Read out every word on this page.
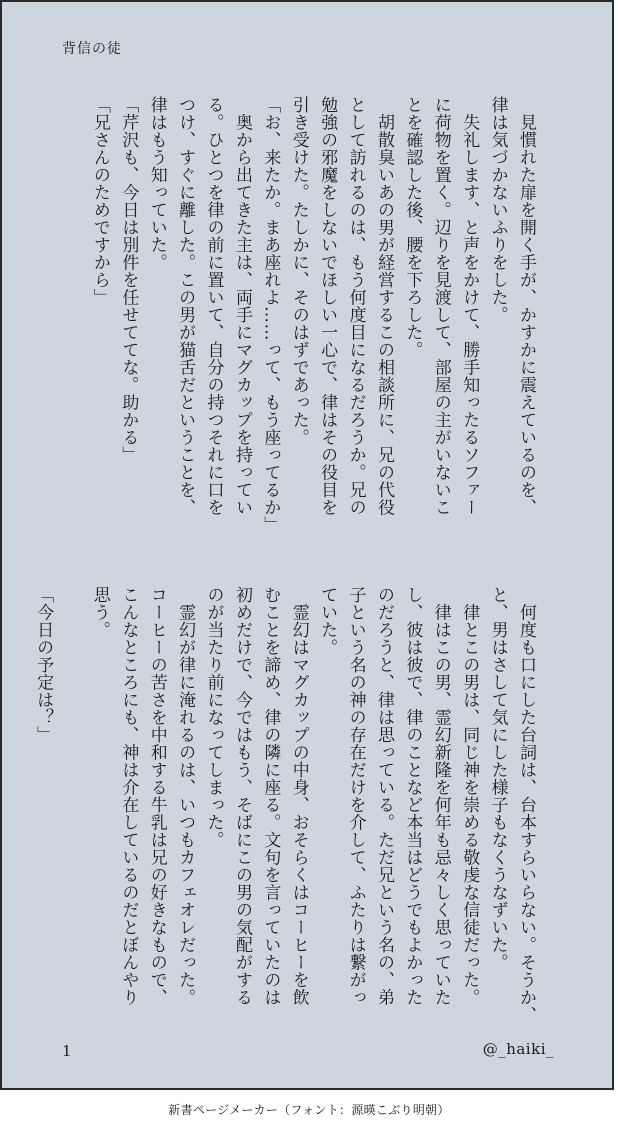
背信の徒
　見慣れた扉を開く手が、かすかに震えているのを、
律は気づかないふりをした。
　失礼します、と声をかけて、勝手知ったるソファー
に荷物を置く。辺りを見渡して、部屋の主がいないこ
とを確認した後、腰を下ろした。
　胡散臭いあの男が経営するこの相談所に、兄の代役
として訪れるのは、もう何度目になるだろうか。兄の
勉強の邪魔をしないでほしい一心で、律はその役目を
引き受けた。たしかに、そのはずであった。
「お、来たか。まあ座れよ……って、もう座ってるか」
　奥から出てきた主は、両手にマグカップを持ってい
る。ひとつを律の前に置いて、自分の持つそれに口を
つけ、すぐに離した。この男が猫舌だということを、
律はもう知っていた。
「芹沢も、今日は別件を任せててな。助かる」
「兄さんのためですから」
　何度も口にした台詞は、台本すらいらない。そうか、
と、男はさして気にした様子もなくうなずいた。
　律とこの男は、同じ神を崇める敬虔な信徒だった。
　律はこの男、霊幻新隆を何年も忌々しく思っていた
し、彼は彼で、律のことなど本当はどうでもよかった
のだろうと、律は思っている。ただ兄という名の、弟
子という名の神の存在だけを介して、ふたりは繋がっ
ていた。
　霊幻はマグカップの中身、おそらくはコーヒーを飲
むことを諦め、律の隣に座る。文句を言っていたのは
初めだけで、今ではもう、そばにこの男の気配がする
のが当たり前になってしまった。
　霊幻が律に淹れるのは、いつもカフェオレだった。
コーヒーの苦さを中和する牛乳は兄の好きなもので、
こんなところにも、神は介在しているのだとぼんやり
思う。

「今日の予定は？」
1	@_haiki_
新書ページメーカー（フォント：源暎こぶり明朝）
